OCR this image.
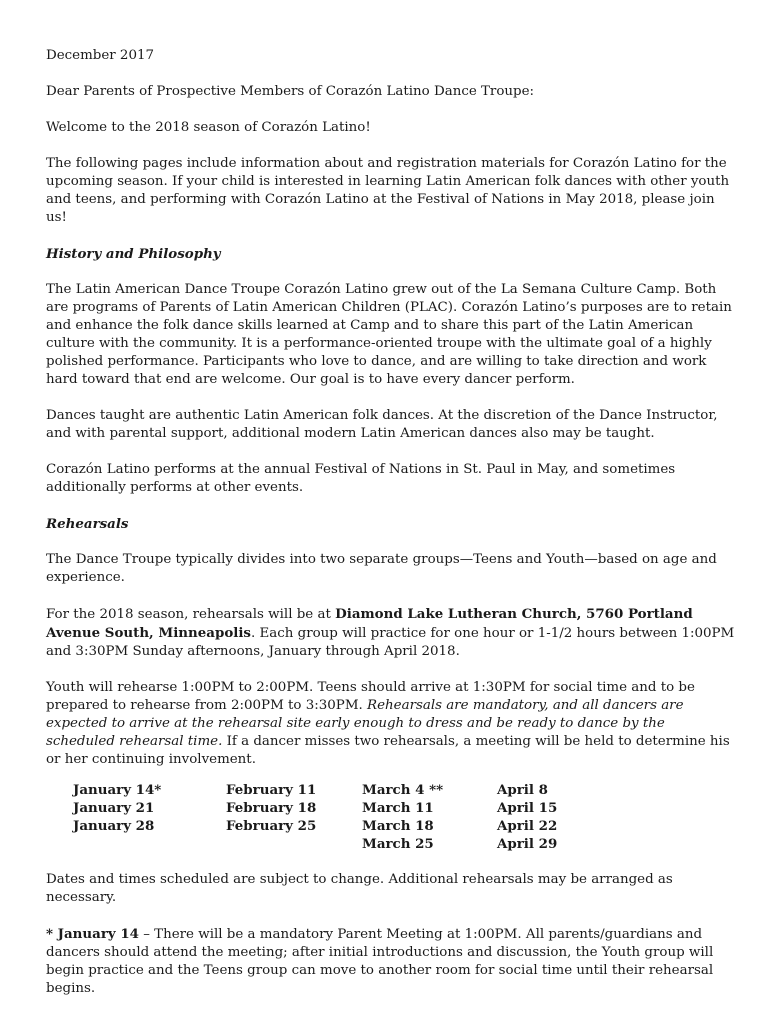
December 2017

Dear Parents of Prospective Members of Corazón Latino Dance Troupe:

Welcome to the 2018 season of Corazón Latino!

The following pages include information about and registration materials for Corazón Latino for the upcoming season. If your child is interested in learning Latin American folk dances with other youth and teens, and performing with Corazón Latino at the Festival of Nations in May 2018, please join us!

History and Philosophy

The Latin American Dance Troupe Corazón Latino grew out of the La Semana Culture Camp. Both are programs of Parents of Latin American Children (PLAC). Corazón Latino’s purposes are to retain and enhance the folk dance skills learned at Camp and to share this part of the Latin American culture with the community. It is a performance-oriented troupe with the ultimate goal of a highly polished performance. Participants who love to dance, and are willing to take direction and work hard toward that end are welcome. Our goal is to have every dancer perform.

Dances taught are authentic Latin American folk dances. At the discretion of the Dance Instructor, and with parental support, additional modern Latin American dances also may be taught.

Corazón Latino performs at the annual Festival of Nations in St. Paul in May, and sometimes additionally performs at other events.

Rehearsals

The Dance Troupe typically divides into two separate groups—Teens and Youth—based on age and experience.

For the 2018 season, rehearsals will be at Diamond Lake Lutheran Church, 5760 Portland Avenue South, Minneapolis. Each group will practice for one hour or 1-1/2 hours between 1:00PM and 3:30PM Sunday afternoons, January through April 2018.

Youth will rehearse 1:00PM to 2:00PM. Teens should arrive at 1:30PM for social time and to be prepared to rehearse from 2:00PM to 3:30PM. Rehearsals are mandatory, and all dancers are expected to arrive at the rehearsal site early enough to dress and be ready to dance by the scheduled rehearsal time. If a dancer misses two rehearsals, a meeting will be held to determine his or her continuing involvement.

January 14*
January 21
January 28
February 11
February 18
February 25
March 4 **
March 11
March 18
March 25
April 8
April 15
April 22
April 29

Dates and times scheduled are subject to change. Additional rehearsals may be arranged as necessary.

* January 14 – There will be a mandatory Parent Meeting at 1:00PM. All parents/guardians and dancers should attend the meeting; after initial introductions and discussion, the Youth group will begin practice and the Teens group can move to another room for social time until their rehearsal begins.
